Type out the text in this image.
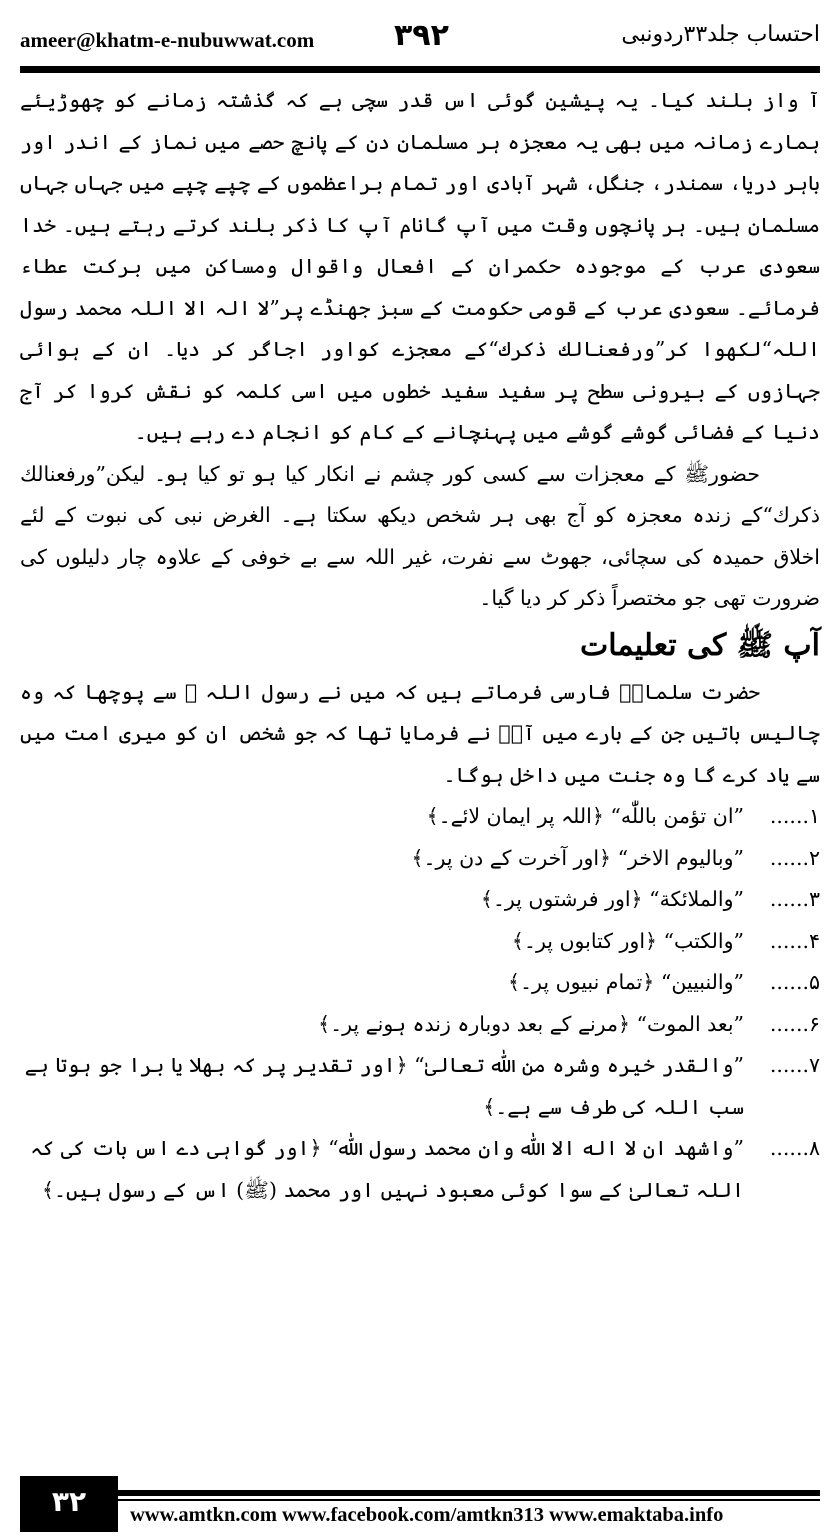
ameer@khatm-e-nubuwwat.com	۳۹۲	احتساب جلد۳۳ردونبی

آ واز بلند کیا۔ یہ پیشین گوئی اس قدر سچی ہے کہ گذشتہ زمانے کو چھوڑیئے ہمارے زمانہ میں بھی یہ معجزہ ہر مسلمان دن کے پانچ حصے میں نماز کے اندر اور باہر دریا، سمندر، جنگل، شہر آبادی اور تمام براعظموں کے چپے چپے میں جہاں جہاں مسلمان ہیں۔ ہر پانچوں وقت میں آپ گانام آپ کا ذکر بلند کرتے رہتے ہیں۔ خدا سعودی عرب کے موجودہ حکمران کے افعال واقوال ومساکن میں برکت عطاء فرمائے۔ سعودی عرب کے قومی حکومت کے سبز جھنڈے پر”لا الہ الا اللہ محمد رسول اللہ“لکھوا کر”ورفعنالك ذكرك“کے معجزے کواور اجاگر کر دیا۔ ان کے ہوائی جہازوں کے بیرونی سطح پر سفید سفید خطوں میں اسی کلمہ کو نقش کروا کر آج دنیا کے فضائی گوشے گوشے میں پہنچانے کے کام کو انجام دے رہے ہیں۔

حضورﷺ کے معجزات سے کسی کور چشم نے انکار کیا ہو تو کیا ہو۔ لیکن”ورفعنالك ذكرك“کے زندہ معجزہ کو آج بھی ہر شخص دیکھ سکتا ہے۔ الغرض نبی کی نبوت کے لئے اخلاق حمیدہ کی سچائی، جھوٹ سے نفرت، غیر اللہ سے بے خوفی کے علاوہ چار دلیلوں کی ضرورت تھی جو مختصراً ذکر کر دیا گیا۔

آپ ﷺ کی تعلیمات

حضرت سلمانؓ فارسی فرماتے ہیں کہ میں نے رسول اللہ ﷺ سے پوچھا کہ وہ چالیس باتیں جن کے بارے میں آپؐ نے فرمایا تھا کہ جو شخص ان کو میری امت میں سے یاد کرے گا وہ جنت میں داخل ہوگا۔

۱......
”ان تؤمن باللّٰه“ ﴿اللہ پر ایمان لائے۔﴾
۲......
”وباليوم الاخر“ ﴿اور آخرت کے دن پر۔﴾
۳......
”والملائكة“ ﴿اور فرشتوں پر۔﴾
۴......
”والكتب“ ﴿اور کتابوں پر۔﴾
۵......
”والنبيين“ ﴿تمام نبیوں پر۔﴾
۶......
”بعد الموت“ ﴿مرنے کے بعد دوبارہ زندہ ہونے پر۔﴾
۷......
”والقدر خيره وشره من اللّٰه تعالىٰ“ ﴿اور تقدیر پر کہ بھلا یا برا جو ہوتا ہے سب اللہ کی طرف سے ہے۔﴾
۸......
”واشهد ان لا اله الا اللّٰه وان محمد رسول اللّٰه“ ﴿اور گواہی دے اس بات کی کہ اللہ تعالیٰ کے سوا کوئی معبود نہیں اور محمد (ﷺ) اس کے رسول ہیں۔﴾
۳۲	www.amtkn.com www.facebook.com/amtkn313 www.emaktaba.info
